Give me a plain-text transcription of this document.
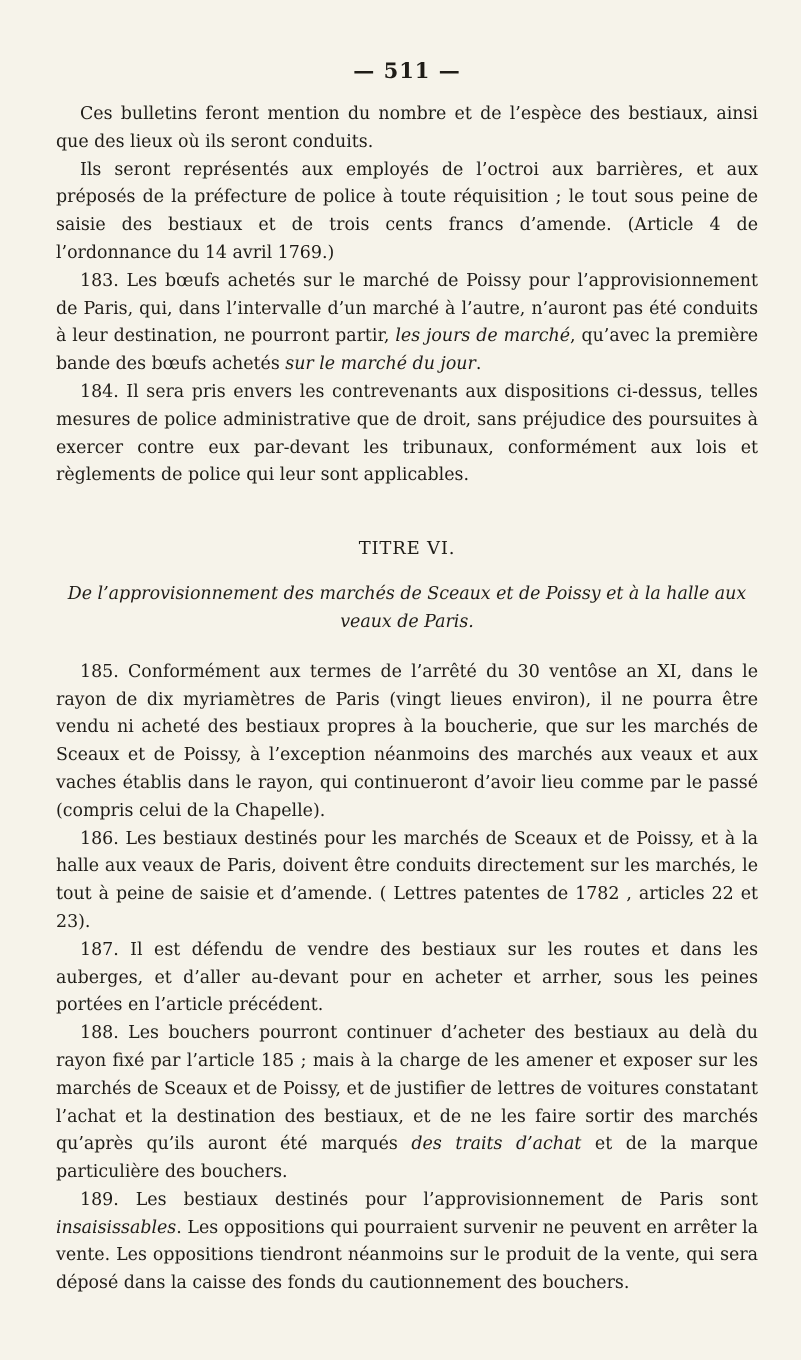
— 511 —

Ces bulletins feront mention du nombre et de l’espèce des bestiaux, ainsi que des lieux où ils seront conduits.

Ils seront représentés aux employés de l’octroi aux barrières, et aux préposés de la préfecture de police à toute réquisition ; le tout sous peine de saisie des bestiaux et de trois cents francs d’amende. (Article 4 de l’ordonnance du 14 avril 1769.)

183. Les bœufs achetés sur le marché de Poissy pour l’approvisionnement de Paris, qui, dans l’intervalle d’un marché à l’autre, n’auront pas été conduits à leur destination, ne pourront partir, les jours de marché, qu’avec la première bande des bœufs achetés sur le marché du jour.

184. Il sera pris envers les contrevenants aux dispositions ci-dessus, telles mesures de police administrative que de droit, sans préjudice des poursuites à exercer contre eux par-devant les tribunaux, conformément aux lois et règlements de police qui leur sont applicables.

TITRE VI.
De l’approvisionnement des marchés de Sceaux et de Poissy et à la halle aux veaux de Paris.

185. Conformément aux termes de l’arrêté du 30 ventôse an XI, dans le rayon de dix myriamètres de Paris (vingt lieues environ), il ne pourra être vendu ni acheté des bestiaux propres à la boucherie, que sur les marchés de Sceaux et de Poissy, à l’exception néanmoins des marchés aux veaux et aux vaches établis dans le rayon, qui continueront d’avoir lieu comme par le passé (compris celui de la Chapelle).

186. Les bestiaux destinés pour les marchés de Sceaux et de Poissy, et à la halle aux veaux de Paris, doivent être conduits directement sur les marchés, le tout à peine de saisie et d’amende. ( Lettres patentes de 1782 , articles 22 et 23).

187. Il est défendu de vendre des bestiaux sur les routes et dans les auberges, et d’aller au-devant pour en acheter et arrher, sous les peines portées en l’article précédent.

188. Les bouchers pourront continuer d’acheter des bestiaux au delà du rayon fixé par l’article 185 ; mais à la charge de les amener et exposer sur les marchés de Sceaux et de Poissy, et de justifier de lettres de voitures constatant l’achat et la destination des bestiaux, et de ne les faire sortir des marchés qu’après qu’ils auront été marqués des traits d’achat et de la marque particulière des bouchers.

189. Les bestiaux destinés pour l’approvisionnement de Paris sont insaisissables. Les oppositions qui pourraient survenir ne peuvent en arrêter la vente. Les oppositions tiendront néanmoins sur le produit de la vente, qui sera déposé dans la caisse des fonds du cautionnement des bouchers.
